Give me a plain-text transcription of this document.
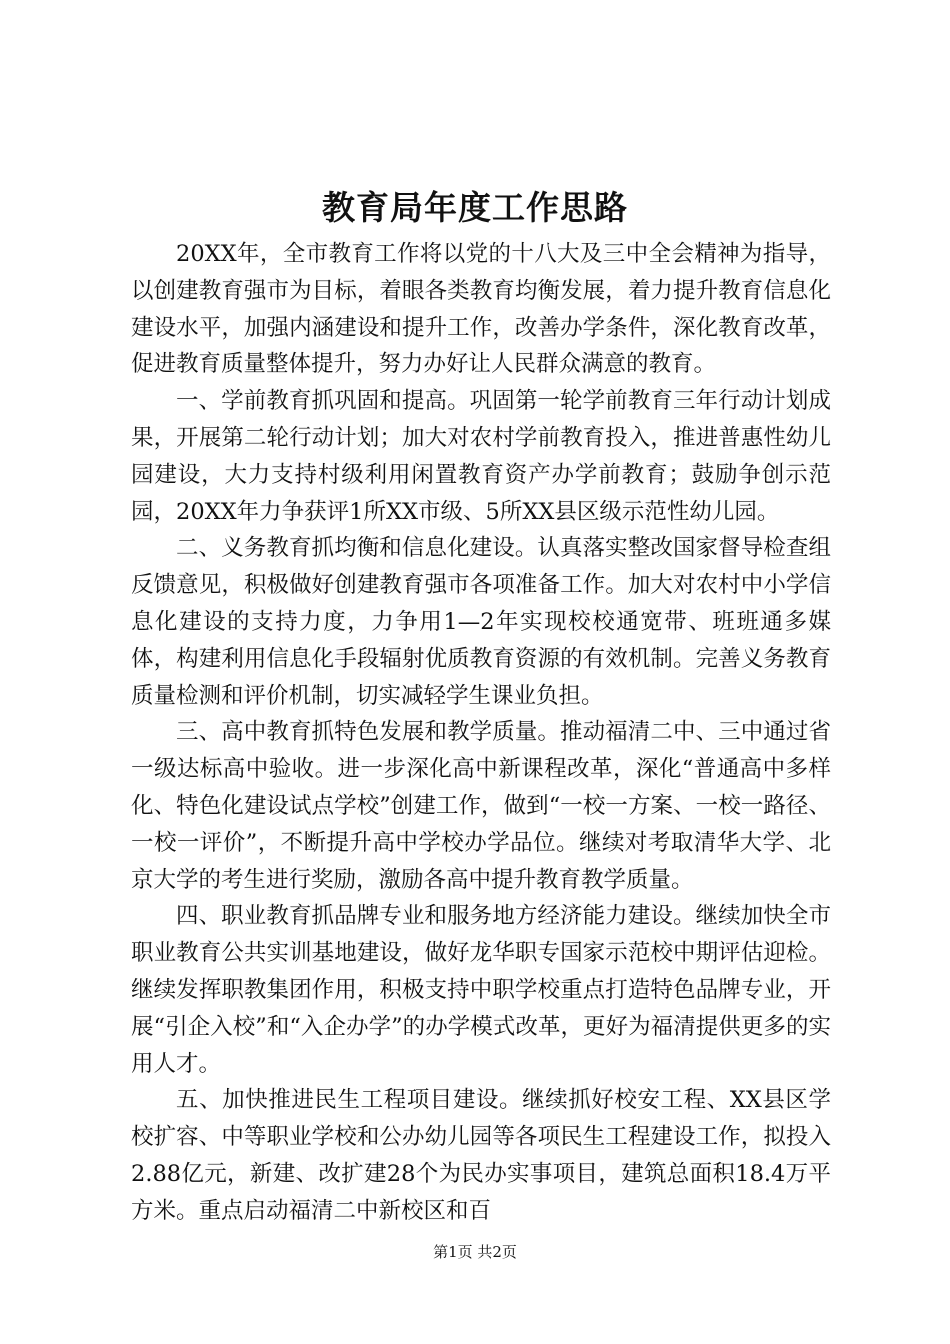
教育局年度工作思路

20XX年，全市教育工作将以党的十八大及三中全会精神为指导，以创建教育强市为目标，着眼各类教育均衡发展，着力提升教育信息化建设水平，加强内涵建设和提升工作，改善办学条件，深化教育改革，促进教育质量整体提升，努力办好让人民群众满意的教育。

一、学前教育抓巩固和提高。巩固第一轮学前教育三年行动计划成果，开展第二轮行动计划；加大对农村学前教育投入，推进普惠性幼儿园建设，大力支持村级利用闲置教育资产办学前教育；鼓励争创示范园，20XX年力争获评1所XX市级、5所XX县区级示范性幼儿园。

二、义务教育抓均衡和信息化建设。认真落实整改国家督导检查组反馈意见，积极做好创建教育强市各项准备工作。加大对农村中小学信息化建设的支持力度，力争用1—2年实现校校通宽带、班班通多媒体，构建利用信息化手段辐射优质教育资源的有效机制。完善义务教育质量检测和评价机制，切实减轻学生课业负担。

三、高中教育抓特色发展和教学质量。推动福清二中、三中通过省一级达标高中验收。进一步深化高中新课程改革，深化“普通高中多样化、特色化建设试点学校”创建工作，做到“一校一方案、一校一路径、一校一评价”，不断提升高中学校办学品位。继续对考取清华大学、北京大学的考生进行奖励，激励各高中提升教育教学质量。

四、职业教育抓品牌专业和服务地方经济能力建设。继续加快全市职业教育公共实训基地建设，做好龙华职专国家示范校中期评估迎检。继续发挥职教集团作用，积极支持中职学校重点打造特色品牌专业，开展“引企入校”和“入企办学”的办学模式改革，更好为福清提供更多的实用人才。

五、加快推进民生工程项目建设。继续抓好校安工程、XX县区学校扩容、中等职业学校和公办幼儿园等各项民生工程建设工作，拟投入2.88亿元，新建、改扩建28个为民办实事项目，建筑总面积18.4万平方米。重点启动福清二中新校区和百

第1页 共2页
